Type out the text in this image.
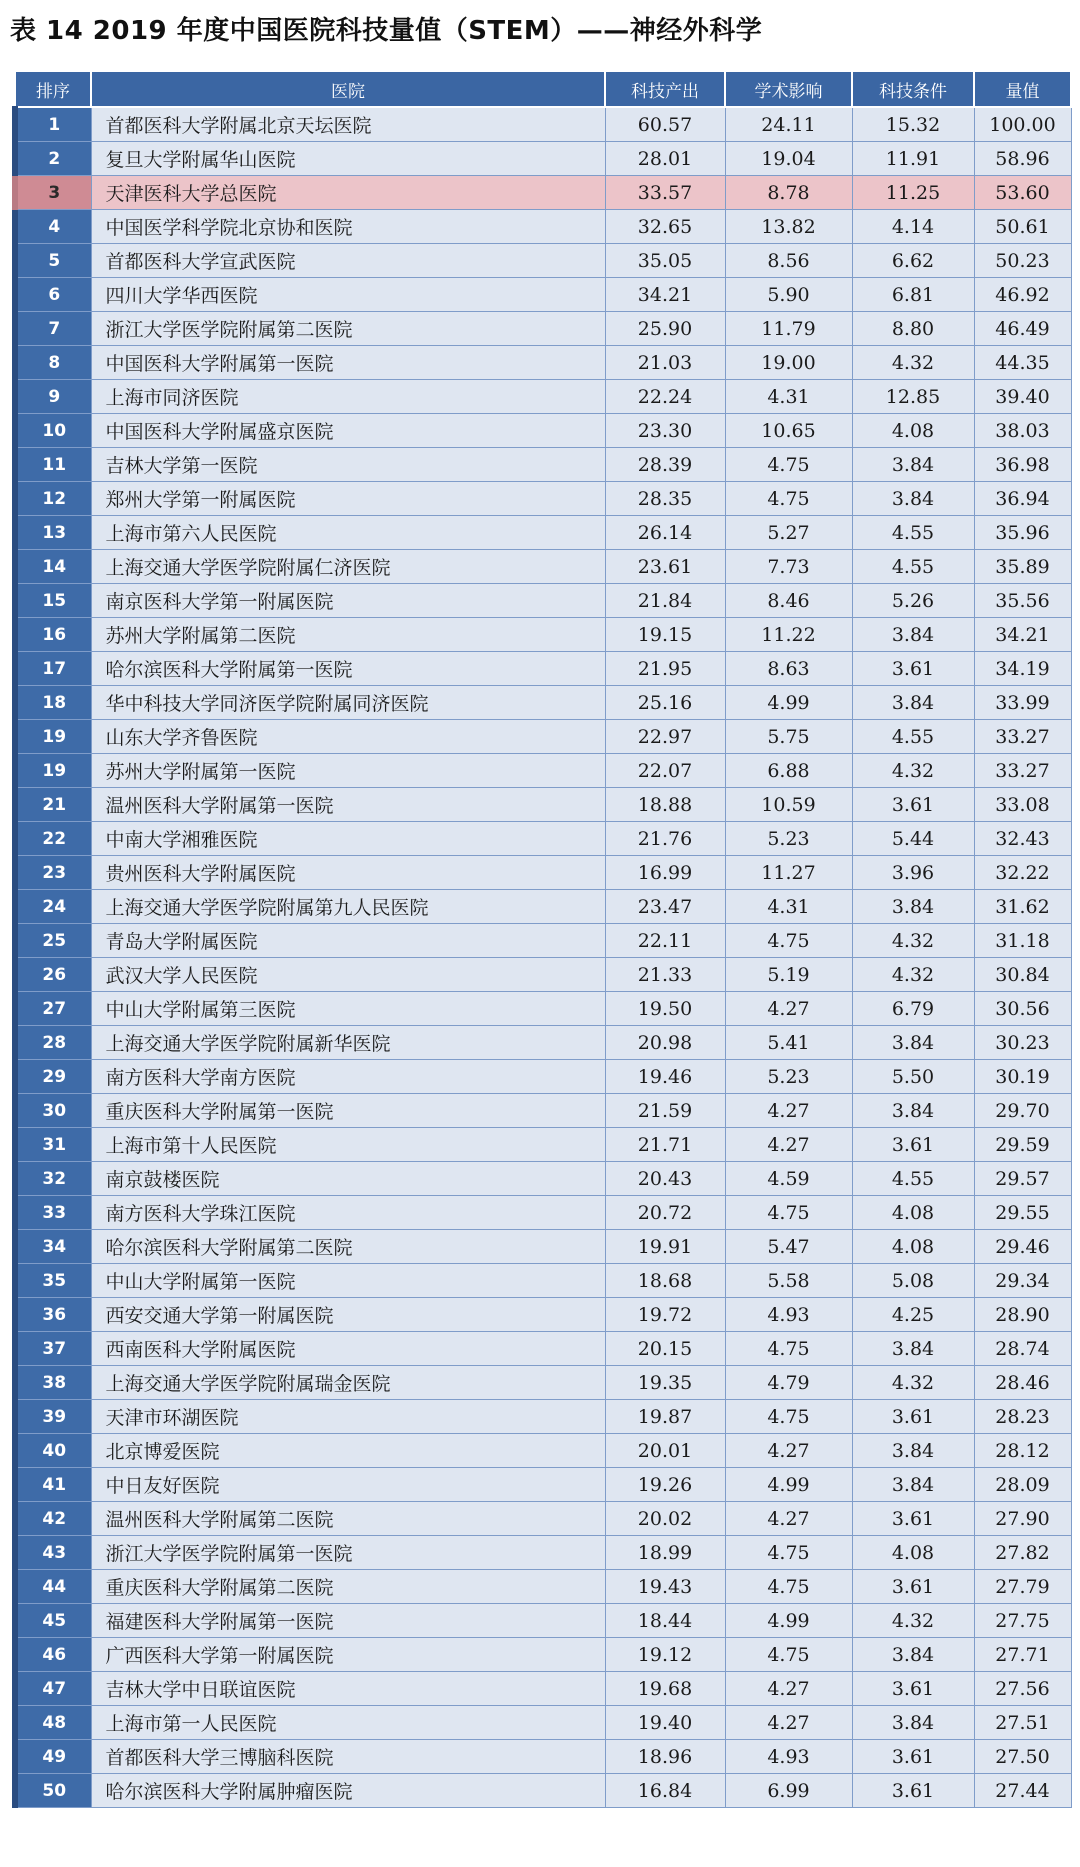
表 14 2019 年度中国医院科技量值（STEM）——神经外科学
排序	医院	科技产出	学术影响	科技条件	量值
1	首都医科大学附属北京天坛医院	60.57	24.11	15.32	100.00
2	复旦大学附属华山医院	28.01	19.04	11.91	58.96
3	天津医科大学总医院	33.57	8.78	11.25	53.60
4	中国医学科学院北京协和医院	32.65	13.82	4.14	50.61
5	首都医科大学宣武医院	35.05	8.56	6.62	50.23
6	四川大学华西医院	34.21	5.90	6.81	46.92
7	浙江大学医学院附属第二医院	25.90	11.79	8.80	46.49
8	中国医科大学附属第一医院	21.03	19.00	4.32	44.35
9	上海市同济医院	22.24	4.31	12.85	39.40
10	中国医科大学附属盛京医院	23.30	10.65	4.08	38.03
11	吉林大学第一医院	28.39	4.75	3.84	36.98
12	郑州大学第一附属医院	28.35	4.75	3.84	36.94
13	上海市第六人民医院	26.14	5.27	4.55	35.96
14	上海交通大学医学院附属仁济医院	23.61	7.73	4.55	35.89
15	南京医科大学第一附属医院	21.84	8.46	5.26	35.56
16	苏州大学附属第二医院	19.15	11.22	3.84	34.21
17	哈尔滨医科大学附属第一医院	21.95	8.63	3.61	34.19
18	华中科技大学同济医学院附属同济医院	25.16	4.99	3.84	33.99
19	山东大学齐鲁医院	22.97	5.75	4.55	33.27
19	苏州大学附属第一医院	22.07	6.88	4.32	33.27
21	温州医科大学附属第一医院	18.88	10.59	3.61	33.08
22	中南大学湘雅医院	21.76	5.23	5.44	32.43
23	贵州医科大学附属医院	16.99	11.27	3.96	32.22
24	上海交通大学医学院附属第九人民医院	23.47	4.31	3.84	31.62
25	青岛大学附属医院	22.11	4.75	4.32	31.18
26	武汉大学人民医院	21.33	5.19	4.32	30.84
27	中山大学附属第三医院	19.50	4.27	6.79	30.56
28	上海交通大学医学院附属新华医院	20.98	5.41	3.84	30.23
29	南方医科大学南方医院	19.46	5.23	5.50	30.19
30	重庆医科大学附属第一医院	21.59	4.27	3.84	29.70
31	上海市第十人民医院	21.71	4.27	3.61	29.59
32	南京鼓楼医院	20.43	4.59	4.55	29.57
33	南方医科大学珠江医院	20.72	4.75	4.08	29.55
34	哈尔滨医科大学附属第二医院	19.91	5.47	4.08	29.46
35	中山大学附属第一医院	18.68	5.58	5.08	29.34
36	西安交通大学第一附属医院	19.72	4.93	4.25	28.90
37	西南医科大学附属医院	20.15	4.75	3.84	28.74
38	上海交通大学医学院附属瑞金医院	19.35	4.79	4.32	28.46
39	天津市环湖医院	19.87	4.75	3.61	28.23
40	北京博爱医院	20.01	4.27	3.84	28.12
41	中日友好医院	19.26	4.99	3.84	28.09
42	温州医科大学附属第二医院	20.02	4.27	3.61	27.90
43	浙江大学医学院附属第一医院	18.99	4.75	4.08	27.82
44	重庆医科大学附属第二医院	19.43	4.75	3.61	27.79
45	福建医科大学附属第一医院	18.44	4.99	4.32	27.75
46	广西医科大学第一附属医院	19.12	4.75	3.84	27.71
47	吉林大学中日联谊医院	19.68	4.27	3.61	27.56
48	上海市第一人民医院	19.40	4.27	3.84	27.51
49	首都医科大学三博脑科医院	18.96	4.93	3.61	27.50
50	哈尔滨医科大学附属肿瘤医院	16.84	6.99	3.61	27.44
